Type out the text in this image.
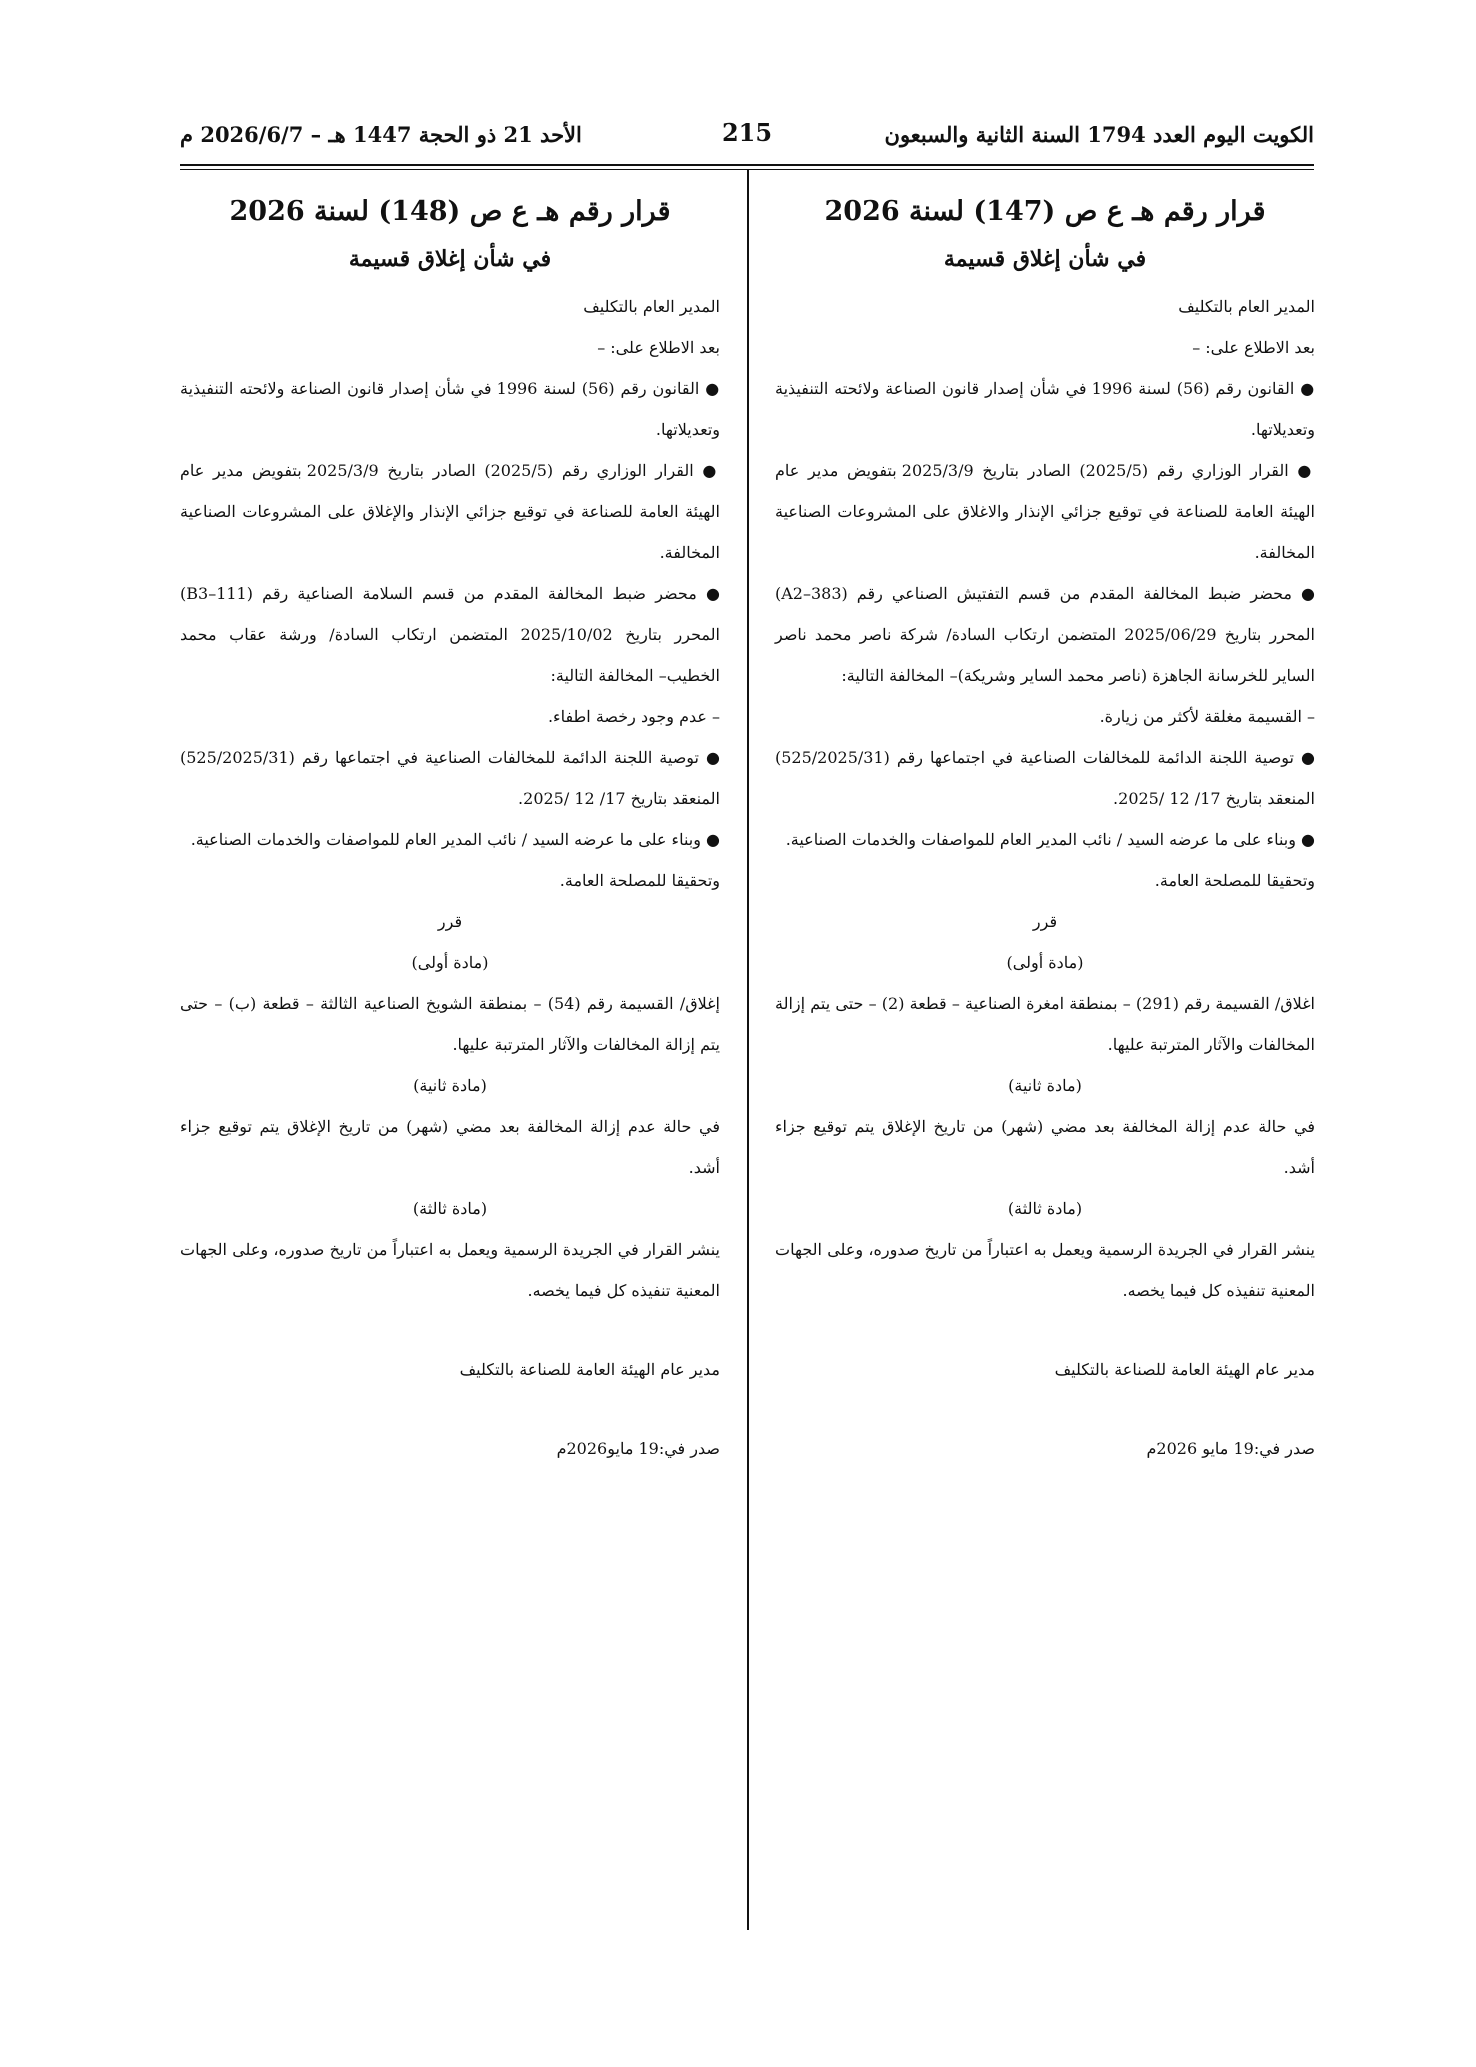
الكويت اليوم العدد 1794 السنة الثانية والسبعون
215
الأحد 21 ذو الحجة 1447 هـ – 2026/6/7 م
قرار رقم هـ ع ص (147) لسنة 2026
في شأن إغلاق قسيمة

المدير العام بالتكليف

بعد الاطلاع على: –

● القانون رقم (56) لسنة 1996 في شأن إصدار قانون الصناعة ولائحته التنفيذية وتعديلاتها.

● القرار الوزاري رقم (2025/5) الصادر بتاريخ 2025/3/9 بتفويض مدير عام الهيئة العامة للصناعة في توقيع جزائي الإنذار والاغلاق على المشروعات الصناعية المخالفة.

● محضر ضبط المخالفة المقدم من قسم التفتيش الصناعي رقم (A2–383) المحرر بتاريخ 2025/06/29 المتضمن ارتكاب السادة/ شركة ناصر محمد ناصر الساير للخرسانة الجاهزة (ناصر محمد الساير وشريكة)– المخالفة التالية:

– القسيمة مغلقة لأكثر من زيارة.

● توصية اللجنة الدائمة للمخالفات الصناعية في اجتماعها رقم (525/2025/31) المنعقد بتاريخ 17/ 12 /2025.

● وبناء على ما عرضه السيد / نائب المدير العام للمواصفات والخدمات الصناعية.

وتحقيقا للمصلحة العامة.

قرر

(مادة أولى)

اغلاق/ القسيمة رقم (291) – بمنطقة امغرة الصناعية – قطعة (2) – حتى يتم إزالة المخالفات والآثار المترتبة عليها.

(مادة ثانية)

في حالة عدم إزالة المخالفة بعد مضي (شهر) من تاريخ الإغلاق يتم توقيع جزاء أشد.

(مادة ثالثة)

ينشر القرار في الجريدة الرسمية ويعمل به اعتباراً من تاريخ صدوره، وعلى الجهات المعنية تنفيذه كل فيما يخصه.

مدير عام الهيئة العامة للصناعة بالتكليف

صدر في:19 مايو 2026م

قرار رقم هـ ع ص (148) لسنة 2026
في شأن إغلاق قسيمة

المدير العام بالتكليف

بعد الاطلاع على: –

● القانون رقم (56) لسنة 1996 في شأن إصدار قانون الصناعة ولائحته التنفيذية وتعديلاتها.

● القرار الوزاري رقم (2025/5) الصادر بتاريخ 2025/3/9 بتفويض مدير عام الهيئة العامة للصناعة في توقيع جزائي الإنذار والإغلاق على المشروعات الصناعية المخالفة.

● محضر ضبط المخالفة المقدم من قسم السلامة الصناعية رقم (B3–111) المحرر بتاريخ 2025/10/02 المتضمن ارتكاب السادة/ ورشة عقاب محمد الخطيب– المخالفة التالية:

– عدم وجود رخصة اطفاء.

● توصية اللجنة الدائمة للمخالفات الصناعية في اجتماعها رقم (525/2025/31) المنعقد بتاريخ 17/ 12 /2025.

● وبناء على ما عرضه السيد / نائب المدير العام للمواصفات والخدمات الصناعية.

وتحقيقا للمصلحة العامة.

قرر

(مادة أولى)

إغلاق/ القسيمة رقم (54) – بمنطقة الشويخ الصناعية الثالثة – قطعة (ب) – حتى يتم إزالة المخالفات والآثار المترتبة عليها.

(مادة ثانية)

في حالة عدم إزالة المخالفة بعد مضي (شهر) من تاريخ الإغلاق يتم توقيع جزاء أشد.

(مادة ثالثة)

ينشر القرار في الجريدة الرسمية ويعمل به اعتباراً من تاريخ صدوره، وعلى الجهات المعنية تنفيذه كل فيما يخصه.

مدير عام الهيئة العامة للصناعة بالتكليف

صدر في:19 مايو2026م
